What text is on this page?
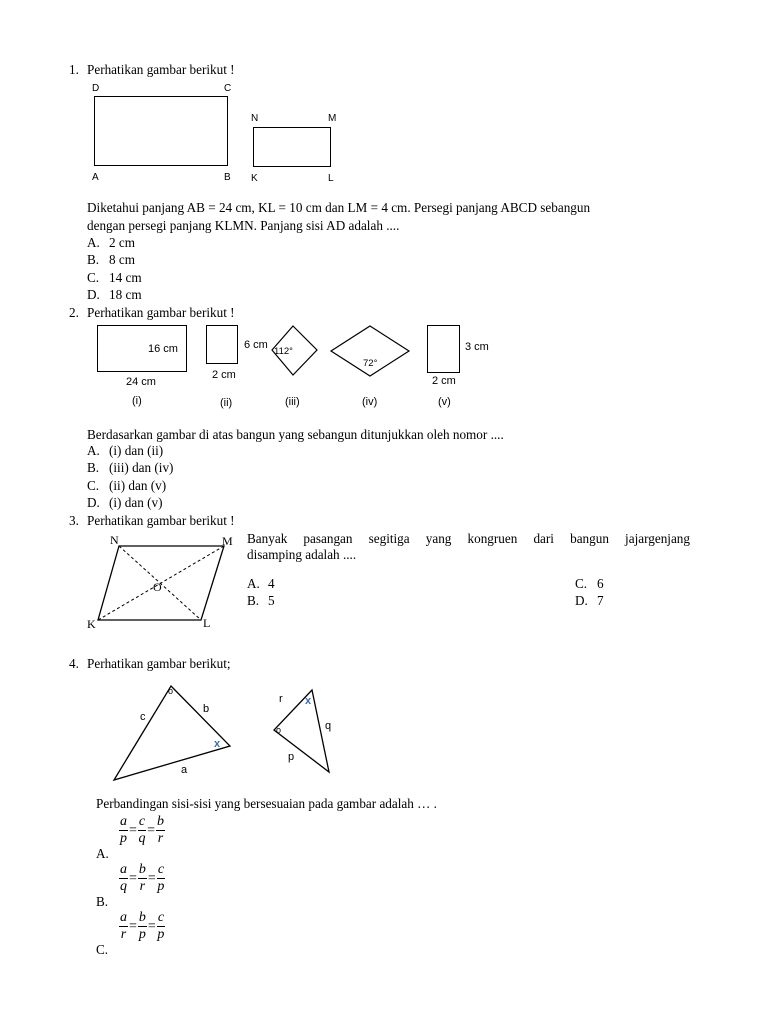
1. Perhatikan gambar berikut !
D	C
A	B
N	M
K	L
Diketahui panjang AB = 24 cm, KL = 10 cm dan LM = 4 cm. Persegi panjang ABCD sebangun
dengan persegi panjang KLMN. Panjang sisi AD adalah ....
A. 2 cm
B. 8 cm
C. 14 cm
D. 18 cm
2. Perhatikan gambar berikut !
16 cm
24 cm
(i)
6 cm
2 cm
(ii)
112°
(iii)
72°
(iv)
3 cm
2 cm
(v)
Berdasarkan gambar di atas bangun yang sebangun ditunjukkan oleh nomor ....
A. (i) dan (ii)
B. (iii) dan (iv)
C. (ii) dan (v)
D. (i) dan (v)
3. Perhatikan gambar berikut !
N	M
O
K	L
Banyak pasangan segitiga yang kongruen dari bangun jajargenjang
disamping adalah ....
A. 4
B. 5
C. 6
D. 7
4. Perhatikan gambar berikut;
o
x
c
b
a
r x
o	q
p
Perbandingan sisi-sisi yang bersesuaian pada gambar adalah … .
$\frac{a}{p} = \frac{c}{q} = \frac{b}{r}$
A.
$\frac{a}{q} = \frac{b}{r} = \frac{c}{p}$
B.
$\frac{a}{r} = \frac{b}{p} = \frac{c}{p}$
C.
